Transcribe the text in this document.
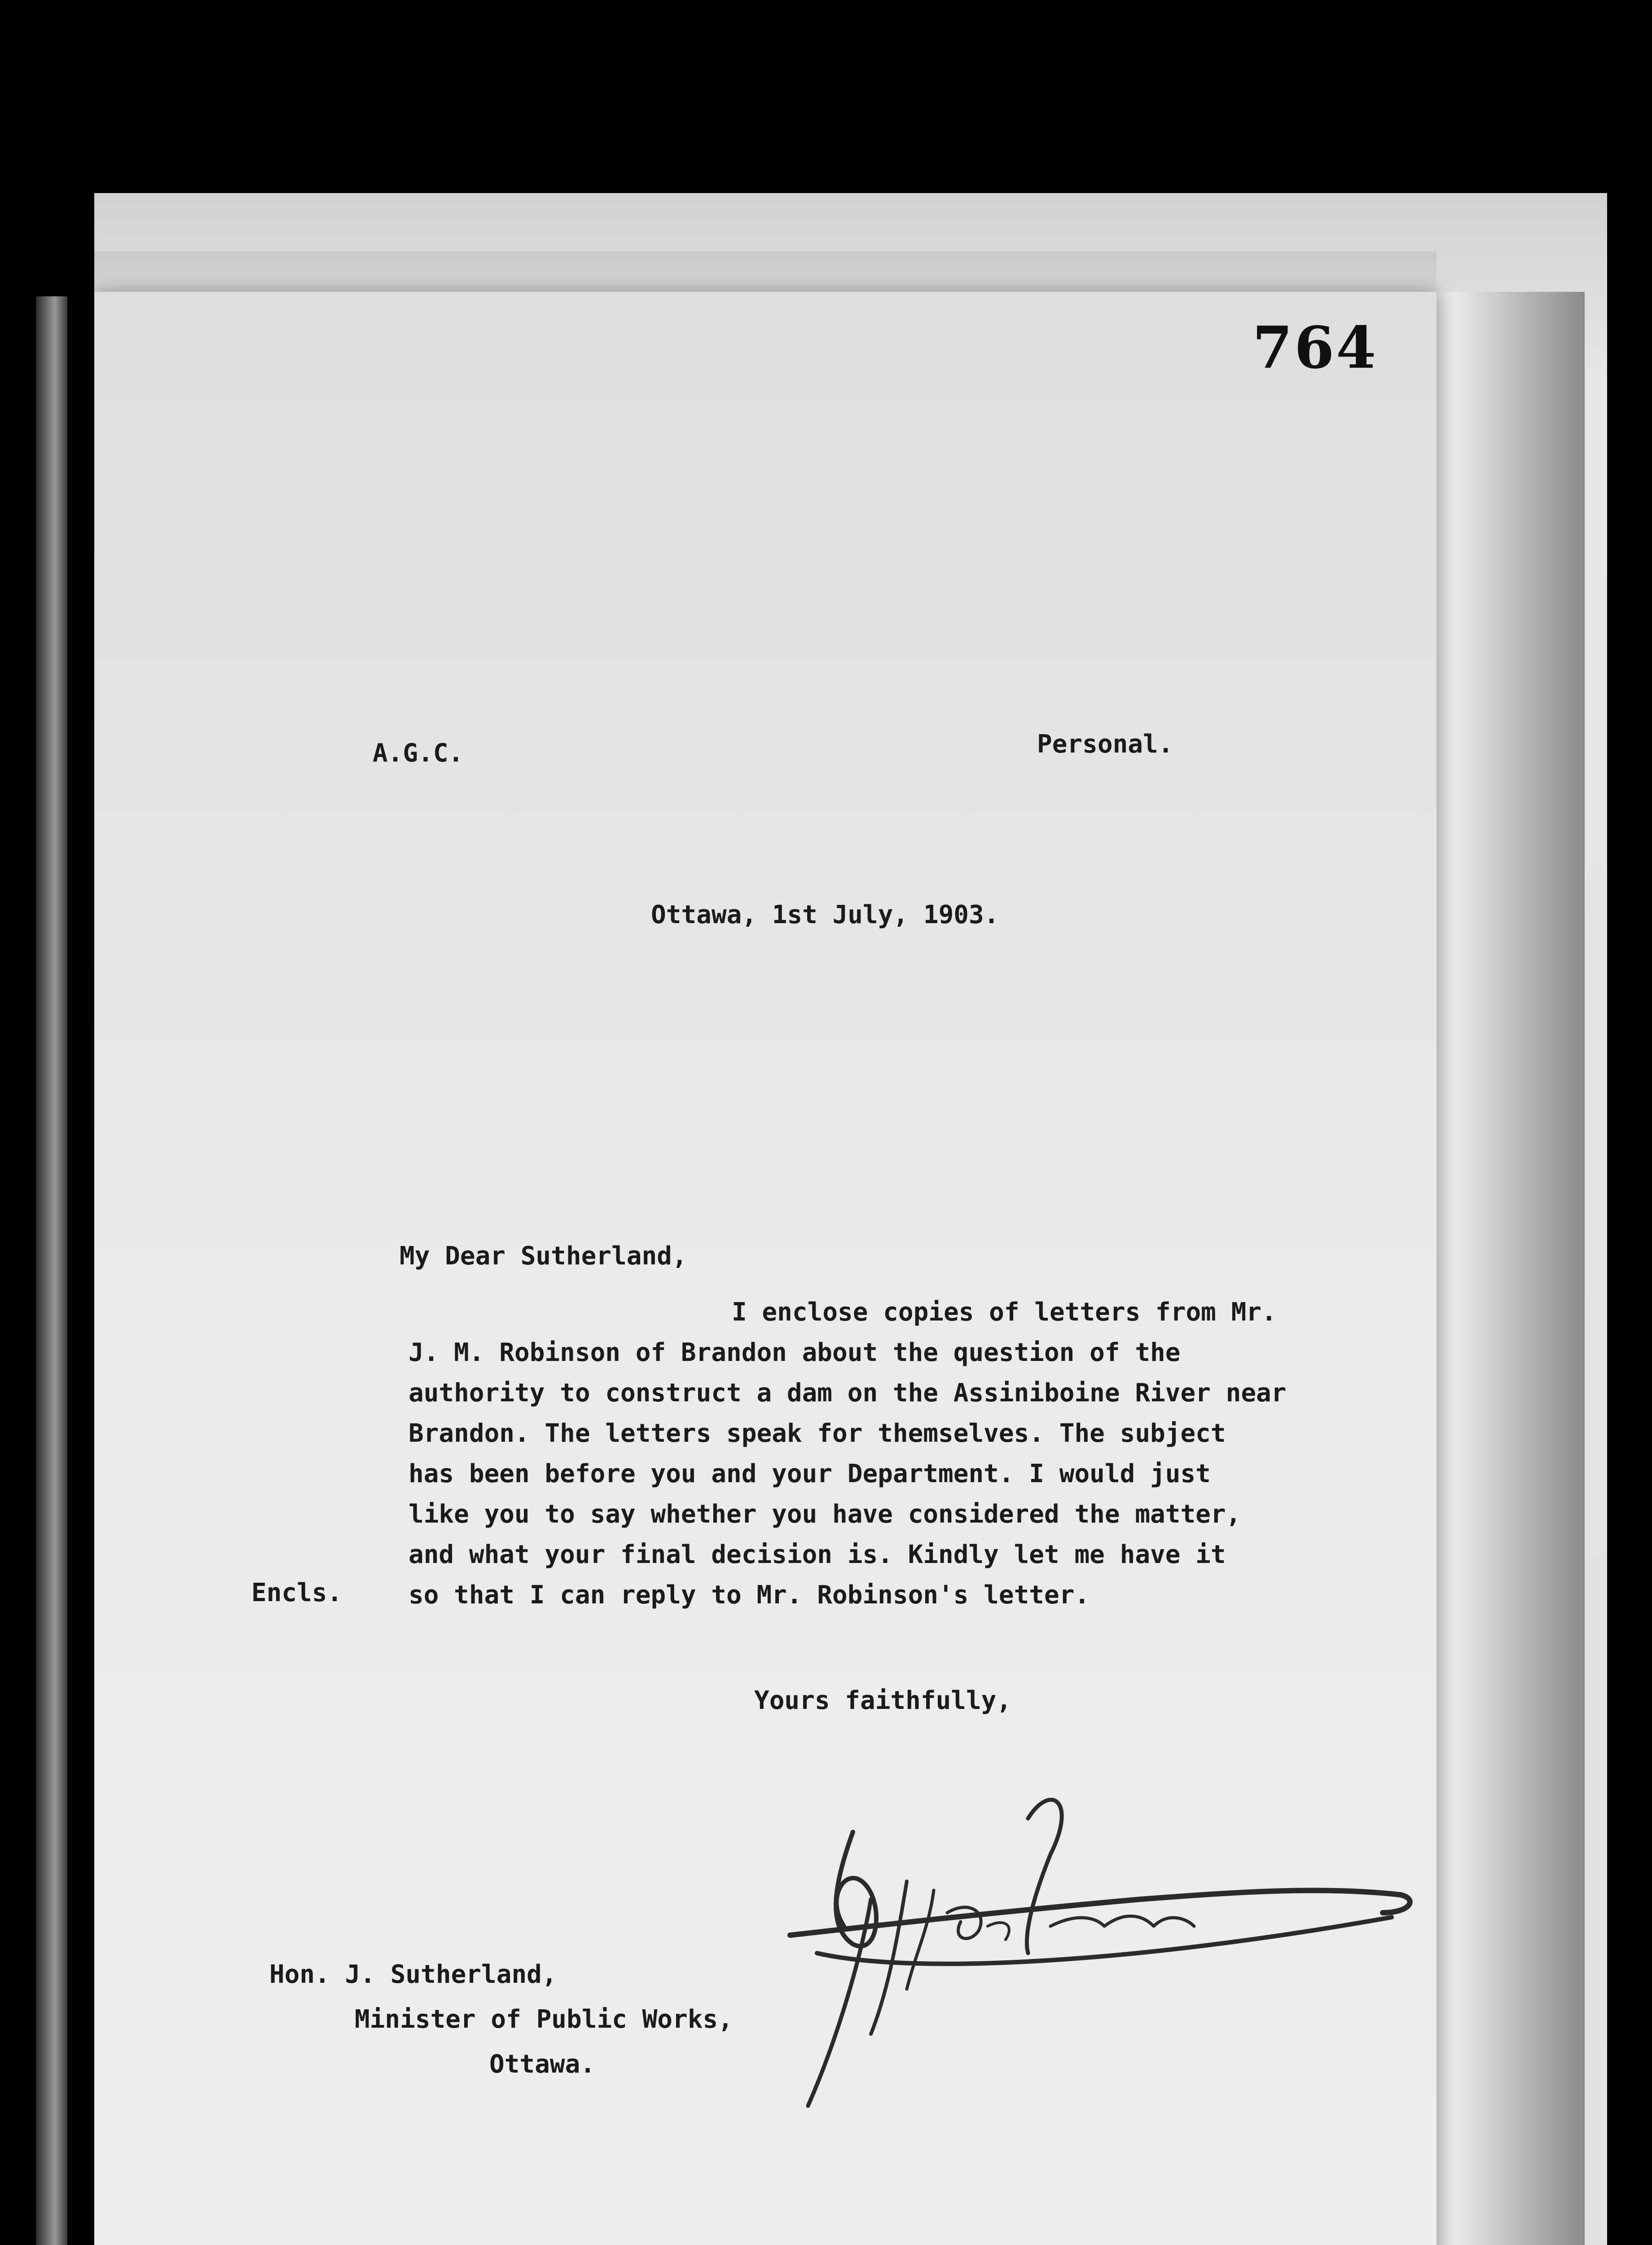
764
A.G.C.	Personal.
Ottawa, 1st July, 1903.
My Dear Sutherland,
I enclose copies of letters from Mr.
J. M. Robinson of Brandon about the question of the
authority to construct a dam on the Assiniboine River near
Brandon. The letters speak for themselves. The subject
has been before you and your Department. I would just
like you to say whether you have considered the matter,
and what your final decision is. Kindly let me have it
so that I can reply to Mr. Robinson's letter.
Encls.
Yours faithfully,
Hon. J. Sutherland,
Minister of Public Works,
Ottawa.
Clifford Sifton
